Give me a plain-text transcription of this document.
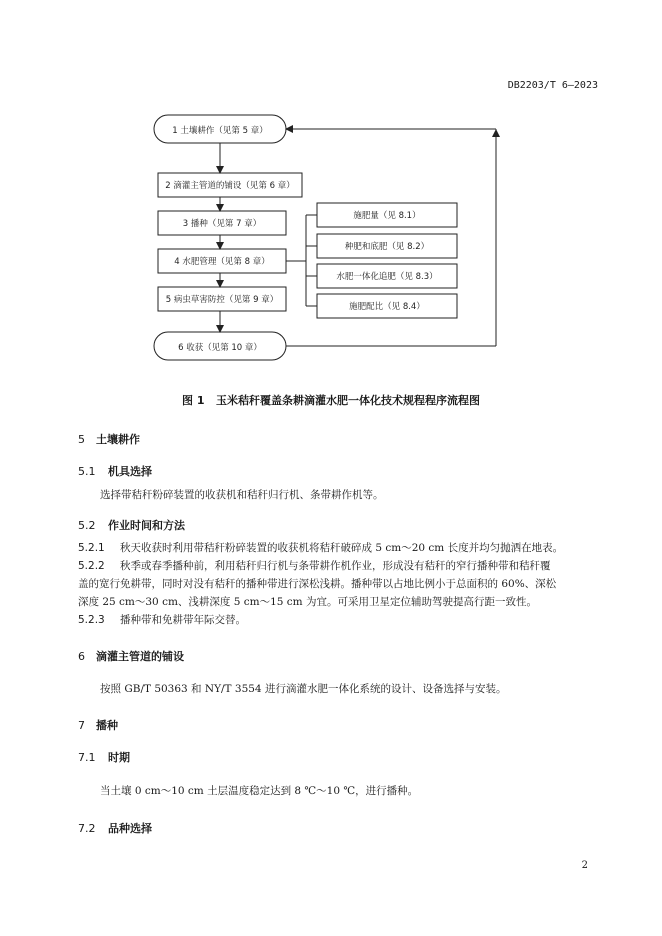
DB2203/T 6—2023
1 土壤耕作（见第 5 章）
2 滴灌主管道的铺设（见第 6 章）
3 播种（见第 7 章）
4 水肥管理（见第 8 章）
5 病虫草害防控（见第 9 章）
6 收获（见第 10 章）
施肥量（见 8.1）
种肥和底肥（见 8.2）
水肥一体化追肥（见 8.3）
施肥配比（见 8.4）
图 1 玉米秸秆覆盖条耕滴灌水肥一体化技术规程程序流程图
5 土壤耕作
5.1 机具选择
选择带秸秆粉碎装置的收获机和秸秆归行机、条带耕作机等。
5.2 作业时间和方法
5.2.1 秋天收获时利用带秸秆粉碎装置的收获机将秸秆破碎成 5 cm～20 cm 长度并均匀抛洒在地表。
5.2.2 秋季或春季播种前，利用秸秆归行机与条带耕作机作业，形成没有秸秆的窄行播种带和秸秆覆
盖的宽行免耕带，同时对没有秸秆的播种带进行深松浅耕。播种带以占地比例小于总面积的 60%、深松
深度 25 cm～30 cm、浅耕深度 5 cm～15 cm 为宜。可采用卫星定位辅助驾驶提高行距一致性。
5.2.3 播种带和免耕带年际交替。
6 滴灌主管道的铺设
按照 GB/T 50363 和 NY/T 3554 进行滴灌水肥一体化系统的设计、设备选择与安装。
7 播种
7.1 时期
当土壤 0 cm～10 cm 土层温度稳定达到 8 ℃～10 ℃，进行播种。
7.2 品种选择
2
